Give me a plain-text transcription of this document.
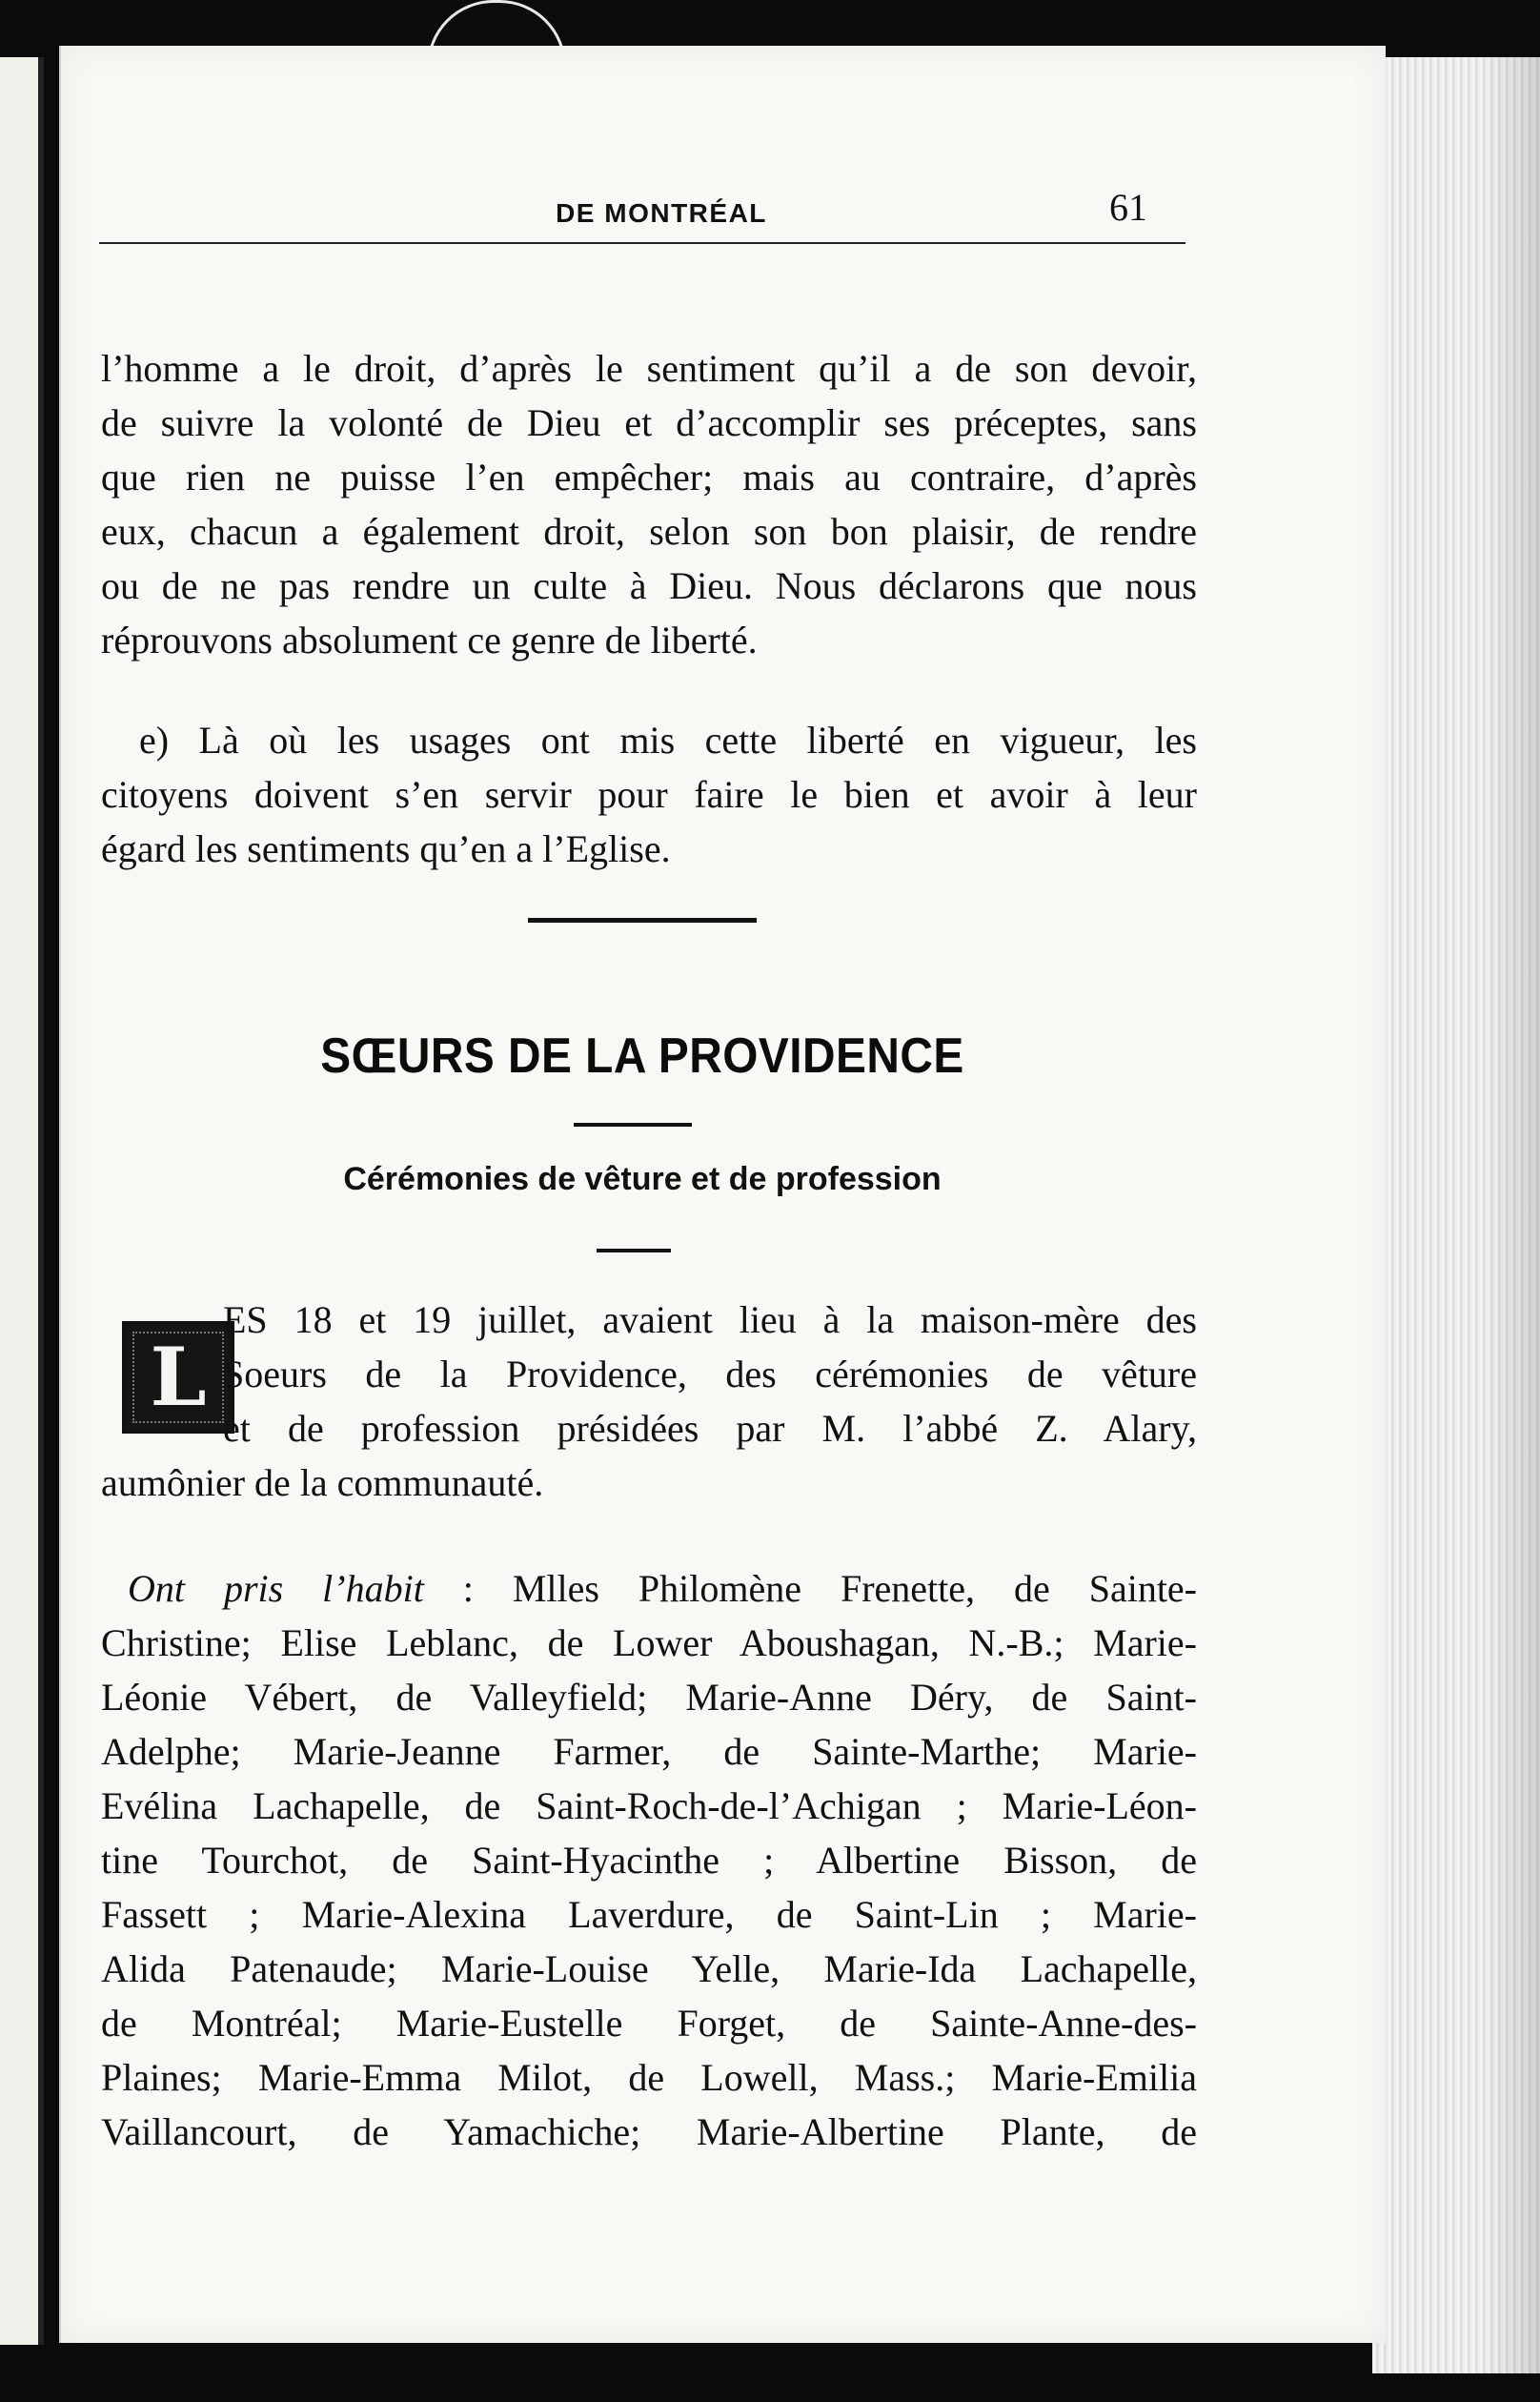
DE MONTRÉAL	61
l’homme a le droit, d’après le sentiment qu’il a de son devoir,
de suivre la volonté de Dieu et d’accomplir ses préceptes, sans
que rien ne puisse l’en empêcher; mais au contraire, d’après
eux, chacun a également droit, selon son bon plaisir, de rendre
ou de ne pas rendre un culte à Dieu. Nous déclarons que nous
réprouvons absolument ce genre de liberté.
e) Là où les usages ont mis cette liberté en vigueur, les
citoyens doivent s’en servir pour faire le bien et avoir à leur
égard les sentiments qu’en a l’Eglise.
SŒURS DE LA PROVIDENCE
Cérémonies de vêture et de profession
L
ES 18 et 19 juillet, avaient lieu à la maison-mère des
Soeurs de la Providence, des cérémonies de vêture
et de profession présidées par M. l’abbé Z. Alary,
aumônier de la communauté.
Ont pris l’habit : Mlles Philomène Frenette, de Sainte-
Christine; Elise Leblanc, de Lower Aboushagan, N.-B.; Marie-
Léonie Vébert, de Valleyfield; Marie-Anne Déry, de Saint-
Adelphe; Marie-Jeanne Farmer, de Sainte-Marthe; Marie-
Evélina Lachapelle, de Saint-Roch-de-l’Achigan ; Marie-Léon-
tine Tourchot, de Saint-Hyacinthe ; Albertine Bisson, de
Fassett ; Marie-Alexina Laverdure, de Saint-Lin ; Marie-
Alida Patenaude; Marie-Louise Yelle, Marie-Ida Lachapelle,
de Montréal; Marie-Eustelle Forget, de Sainte-Anne-des-
Plaines; Marie-Emma Milot, de Lowell, Mass.; Marie-Emilia
Vaillancourt, de Yamachiche; Marie-Albertine Plante, de
